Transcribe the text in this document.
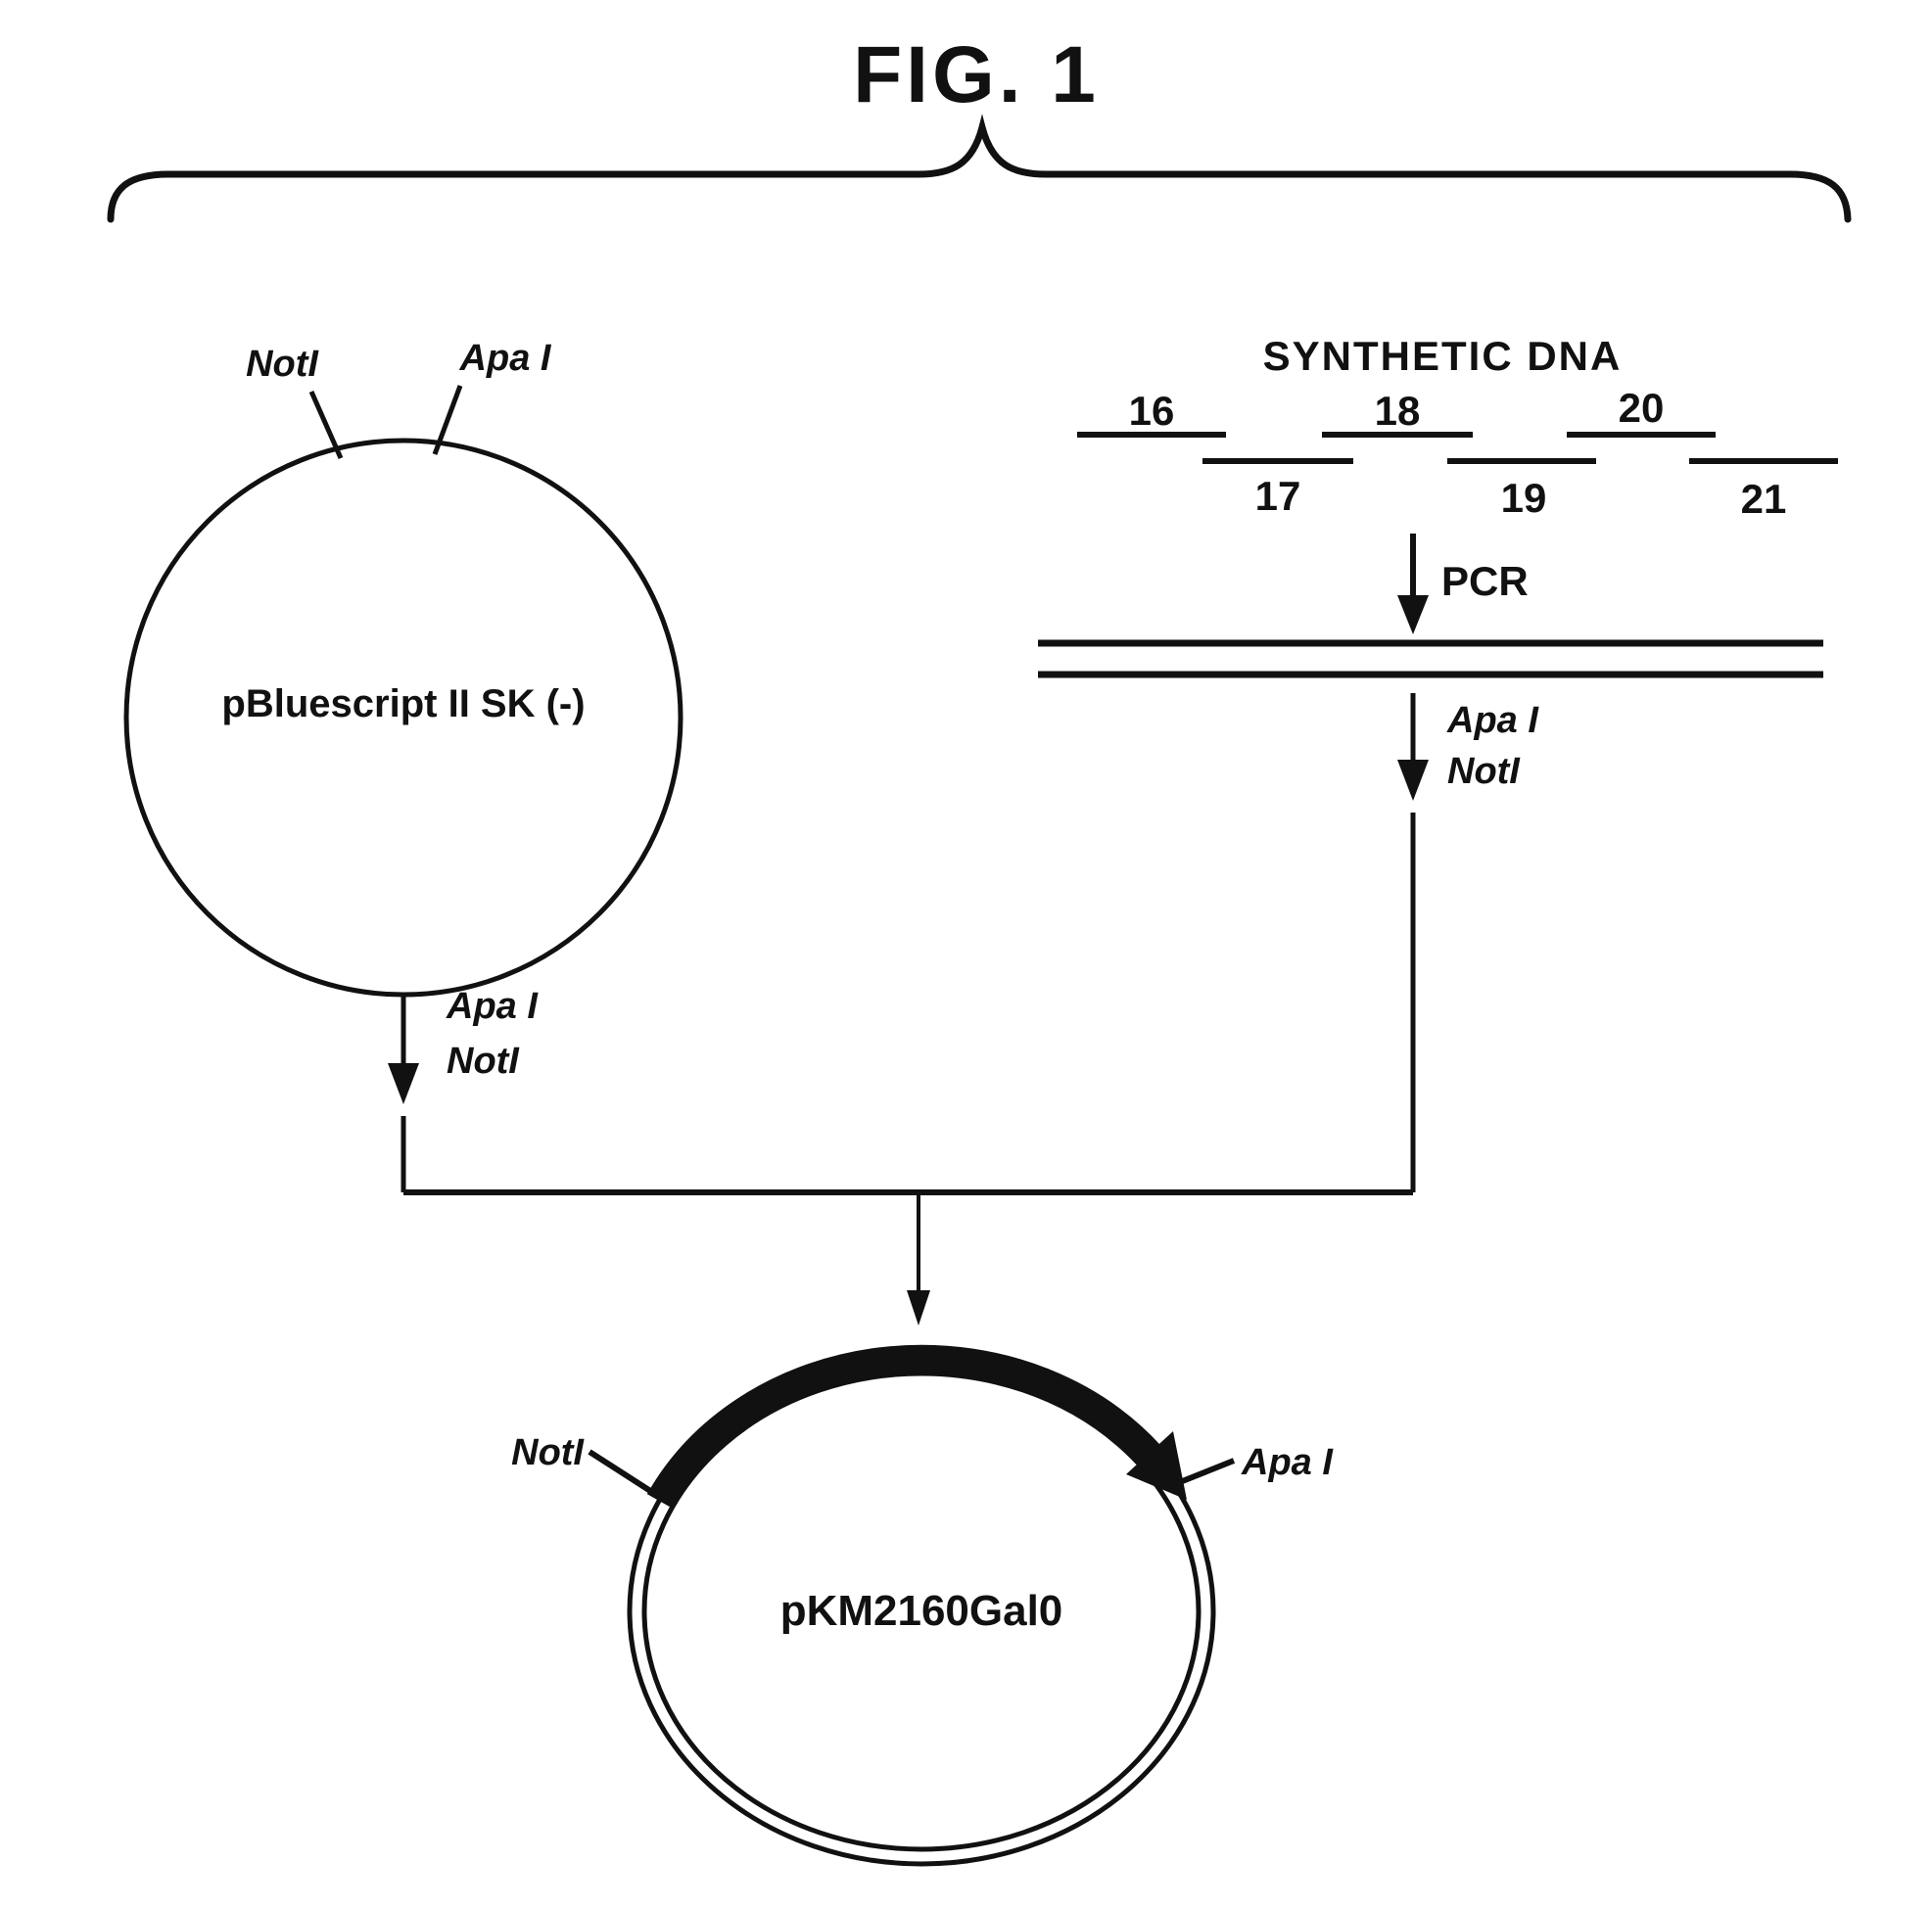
FIG. 1
pBluescript II SK (-)
NotI	Apa I
Apa I
NotI
SYNTHETIC DNA
16	18	20
17	19	21
PCR
Apa I
NotI
NotI	Apa I
pKM2160Gal0
